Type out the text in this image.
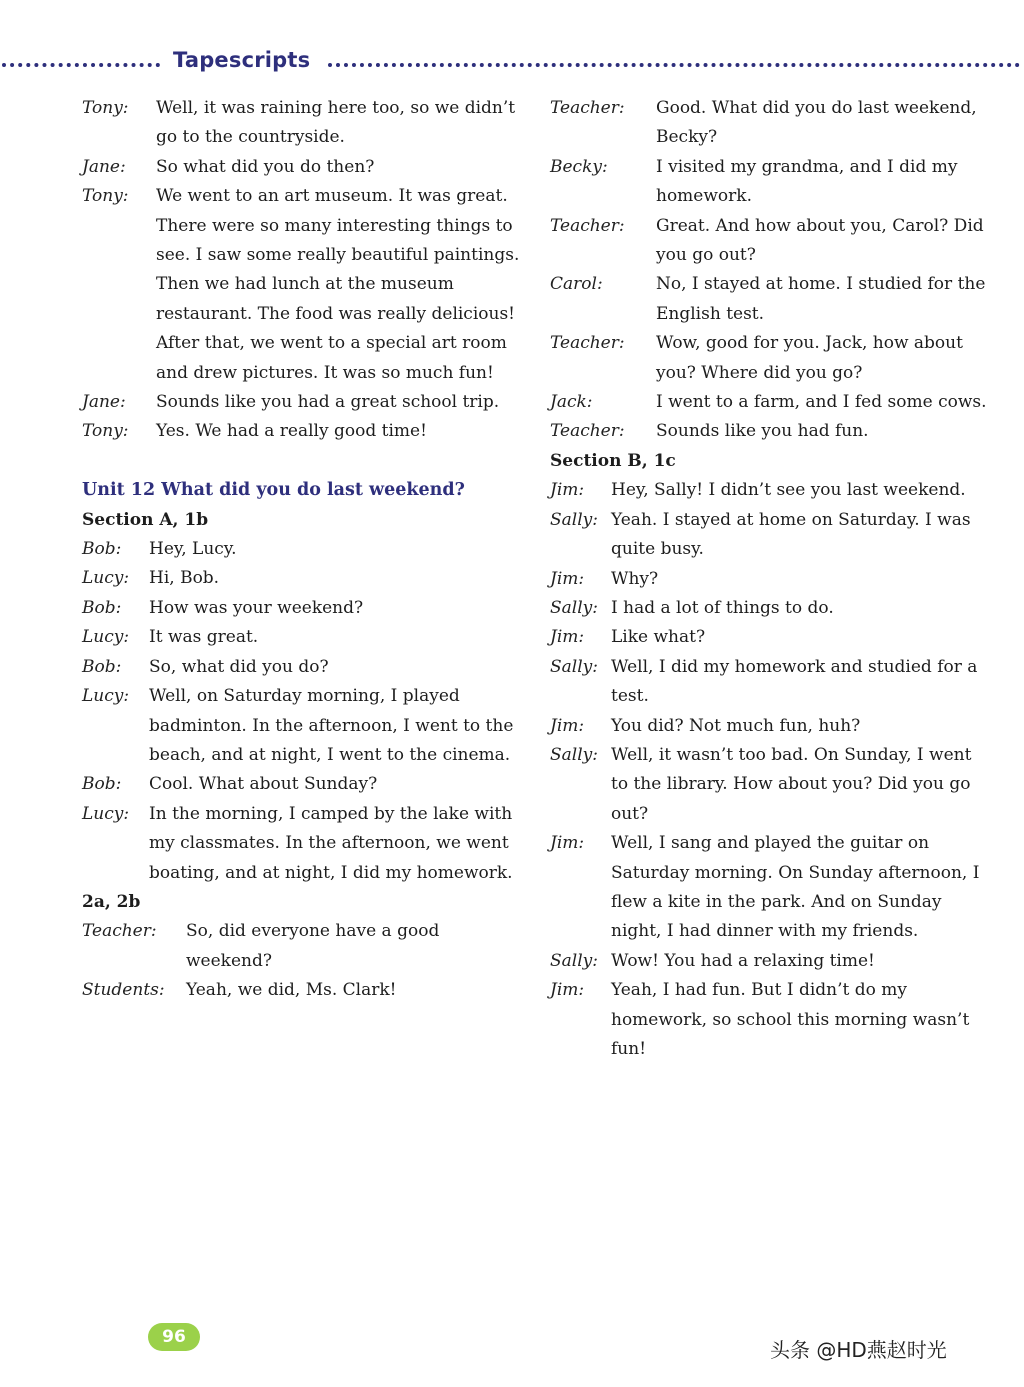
Tapescripts
Tony:	Well, it was raining here too, so we didn’t go to the countryside.
Jane:	So what did you do then?
Tony:	We went to an art museum. It was great. There were so many interesting things to see. I saw some really beautiful paintings. Then we had lunch at the museum restaurant. The food was really delicious! After that, we went to a special art room and drew pictures. It was so much fun!
Jane:	Sounds like you had a great school trip.
Tony:	Yes. We had a really good time!
Unit 12 What did you do last weekend?
Section A, 1b
Bob:	Hey, Lucy.
Lucy:	Hi, Bob.
Bob:	How was your weekend?
Lucy:	It was great.
Bob:	So, what did you do?
Lucy:	Well, on Saturday morning, I played badminton. In the afternoon, I went to the beach, and at night, I went to the cinema.
Bob:	Cool. What about Sunday?
Lucy:	In the morning, I camped by the lake with my classmates. In the afternoon, we went boating, and at night, I did my homework.
2a, 2b
Teacher:	So, did everyone have a good weekend?
Students:	Yeah, we did, Ms. Clark!
Teacher:	Good. What did you do last weekend, Becky?
Becky:	I visited my grandma, and I did my homework.
Teacher:	Great. And how about you, Carol? Did you go out?
Carol:	No, I stayed at home. I studied for the English test.
Teacher:	Wow, good for you. Jack, how about you? Where did you go?
Jack:	I went to a farm, and I fed some cows.
Teacher:	Sounds like you had fun.
Section B, 1c
Jim:	Hey, Sally! I didn’t see you last weekend.
Sally: Yeah. I stayed at home on Saturday. I was quite busy.
Jim:	Why?
Sally: I had a lot of things to do.
Jim:	Like what?
Sally: Well, I did my homework and studied for a test.
Jim:	You did? Not much fun, huh?
Sally: Well, it wasn’t too bad. On Sunday, I went to the library. How about you? Did you go out?
Jim:	Well, I sang and played the guitar on Saturday morning. On Sunday afternoon, I flew a kite in the park. And on Sunday night, I had dinner with my friends.
Sally: Wow! You had a relaxing time!
Jim:	Yeah, I had fun. But I didn’t do my homework, so school this morning wasn’t fun!
96
头条 @HD燕赵时光
